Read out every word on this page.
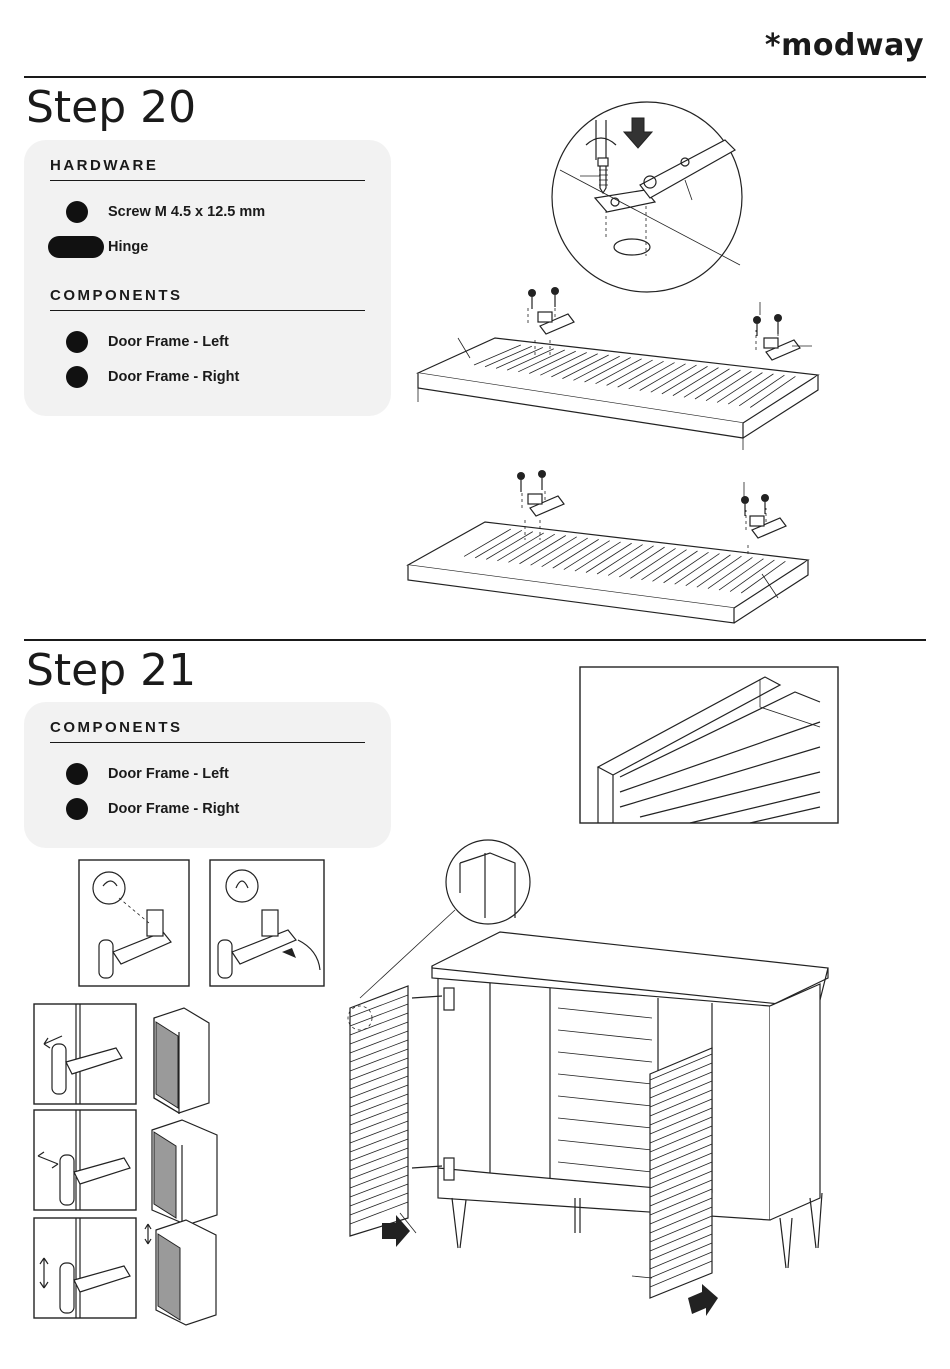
*modway
Step 20
HARDWARE
Screw M 4.5 x 12.5 mm
Hinge
COMPONENTS
Door Frame - Left
Door Frame - Right
Step 21
COMPONENTS
Door Frame - Left
Door Frame - Right
